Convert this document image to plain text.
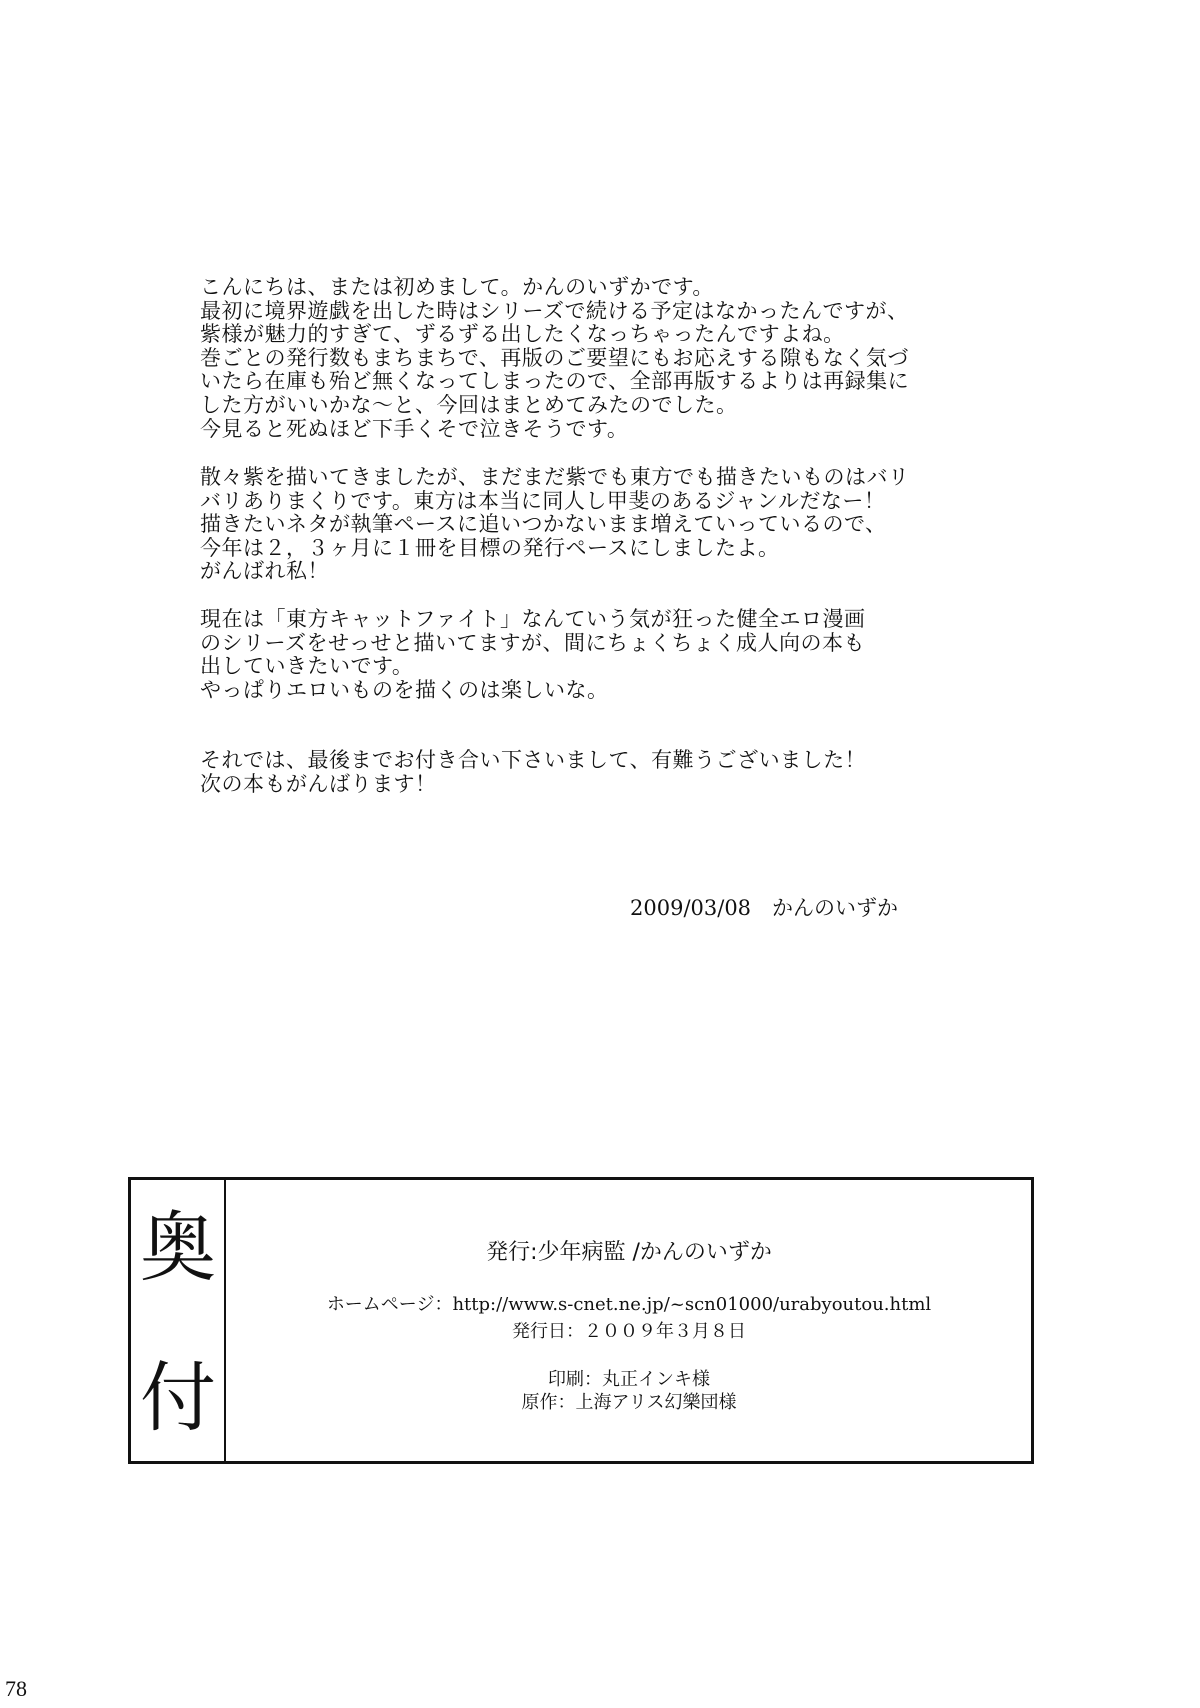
こんにちは、または初めまして。かんのいずかです。
最初に境界遊戯を出した時はシリーズで続ける予定はなかったんですが、
紫様が魅力的すぎて、ずるずる出したくなっちゃったんですよね。
巻ごとの発行数もまちまちで、再版のご要望にもお応えする隙もなく気づ
いたら在庫も殆ど無くなってしまったので、全部再版するよりは再録集に
した方がいいかな～と、今回はまとめてみたのでした。
今見ると死ぬほど下手くそで泣きそうです。
散々紫を描いてきましたが、まだまだ紫でも東方でも描きたいものはバリ
バリありまくりです。東方は本当に同人し甲斐のあるジャンルだなー！
描きたいネタが執筆ペースに追いつかないまま増えていっているので、
今年は２，３ヶ月に１冊を目標の発行ペースにしましたよ。
がんばれ私！
現在は「東方キャットファイト」なんていう気が狂った健全エロ漫画
のシリーズをせっせと描いてますが、間にちょくちょく成人向の本も
出していきたいです。
やっぱりエロいものを描くのは楽しいな。
それでは、最後までお付き合い下さいまして、有難うございました！
次の本もがんばります！
2009/03/08　かんのいずか
奥
付
発行:少年病監 /かんのいずか
ホームページ：http://www.s-cnet.ne.jp/~scn01000/urabyoutou.html
発行日：２００９年３月８日
印刷：丸正インキ様
原作：上海アリス幻樂団様
78
